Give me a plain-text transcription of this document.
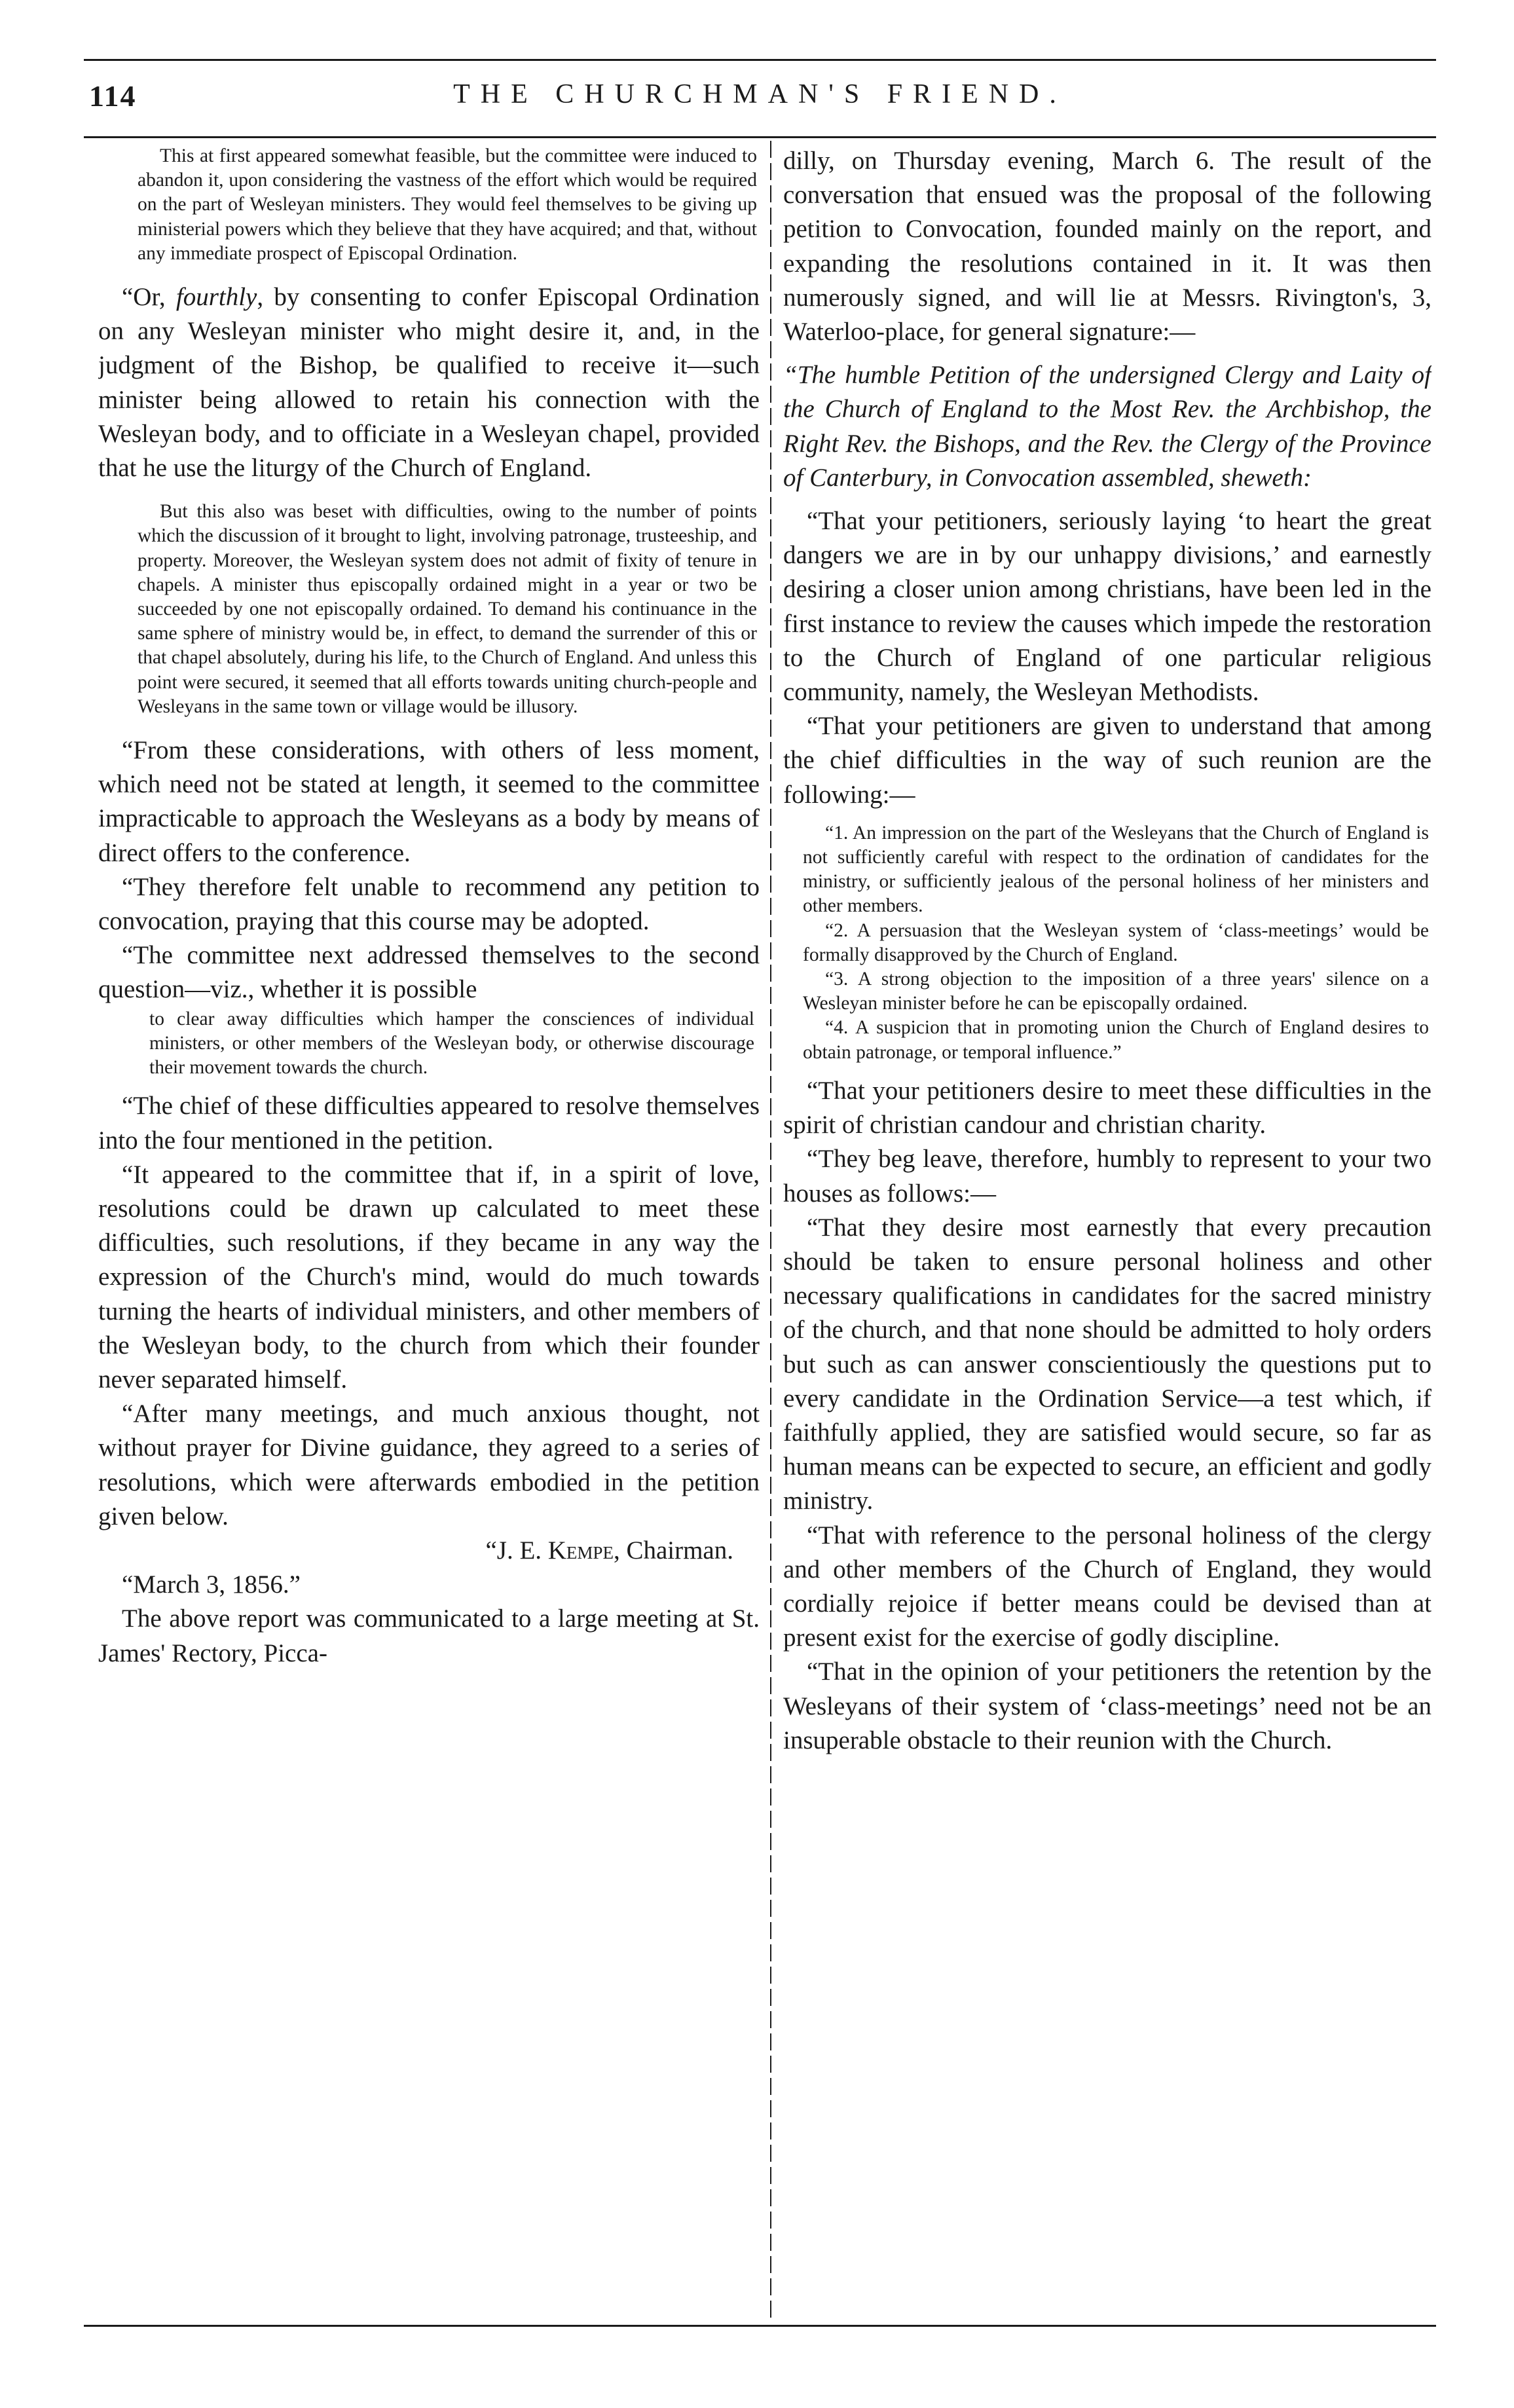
114	THE CHURCHMAN'S FRIEND.

This at first appeared somewhat feasible, but the committee were induced to abandon it, upon considering the vastness of the effort which would be required on the part of Wesleyan ministers. They would feel themselves to be giving up ministerial powers which they believe that they have acquired; and that, without any immediate prospect of Episcopal Ordination.

“Or, fourthly, by consenting to confer Episcopal Ordination on any Wesleyan minister who might desire it, and, in the judgment of the Bishop, be qualified to receive it—such minister being allowed to retain his connection with the Wesleyan body, and to officiate in a Wesleyan chapel, provided that he use the liturgy of the Church of England.

But this also was beset with difficulties, owing to the number of points which the discussion of it brought to light, involving patronage, trusteeship, and property. Moreover, the Wesleyan system does not admit of fixity of tenure in chapels. A minister thus episcopally ordained might in a year or two be succeeded by one not episcopally ordained. To demand his continuance in the same sphere of ministry would be, in effect, to demand the surrender of this or that chapel absolutely, during his life, to the Church of England. And unless this point were secured, it seemed that all efforts towards uniting church-people and Wesleyans in the same town or village would be illusory.

“From these considerations, with others of less moment, which need not be stated at length, it seemed to the committee impracticable to approach the Wesleyans as a body by means of direct offers to the conference.

“They therefore felt unable to recommend any petition to convocation, praying that this course may be adopted.

“The committee next addressed themselves to the second question—viz., whether it is possible

to clear away difficulties which hamper the consciences of individual ministers, or other members of the Wesleyan body, or otherwise discourage their movement towards the church.

“The chief of these difficulties appeared to resolve themselves into the four mentioned in the petition.

“It appeared to the committee that if, in a spirit of love, resolutions could be drawn up calculated to meet these difficulties, such resolutions, if they became in any way the expression of the Church's mind, would do much towards turning the hearts of individual ministers, and other members of the Wesleyan body, to the church from which their founder never separated himself.

“After many meetings, and much anxious thought, not without prayer for Divine guidance, they agreed to a series of resolutions, which were afterwards embodied in the petition given below.

“J. E. Kempe, Chairman.

“March 3, 1856.”

The above report was communicated to a large meeting at St. James' Rectory, Picca-

dilly, on Thursday evening, March 6. The result of the conversation that ensued was the proposal of the following petition to Convocation, founded mainly on the report, and expanding the resolutions contained in it. It was then numerously signed, and will lie at Messrs. Rivington's, 3, Waterloo-place, for general signature:—

“The humble Petition of the undersigned Clergy and Laity of the Church of England to the Most Rev. the Archbishop, the Right Rev. the Bishops, and the Rev. the Clergy of the Province of Canterbury, in Convocation assembled, sheweth:

“That your petitioners, seriously laying ‘to heart the great dangers we are in by our unhappy divisions,’ and earnestly desiring a closer union among christians, have been led in the first instance to review the causes which impede the restoration to the Church of England of one particular religious community, namely, the Wesleyan Methodists.

“That your petitioners are given to understand that among the chief difficulties in the way of such reunion are the following:—

“1. An impression on the part of the Wesleyans that the Church of England is not sufficiently careful with respect to the ordination of candidates for the ministry, or sufficiently jealous of the personal holiness of her ministers and other members.

“2. A persuasion that the Wesleyan system of ‘class-meetings’ would be formally disapproved by the Church of England.

“3. A strong objection to the imposition of a three years' silence on a Wesleyan minister before he can be episcopally ordained.

“4. A suspicion that in promoting union the Church of England desires to obtain patronage, or temporal influence.”

“That your petitioners desire to meet these difficulties in the spirit of christian candour and christian charity.

“They beg leave, therefore, humbly to represent to your two houses as follows:—

“That they desire most earnestly that every precaution should be taken to ensure personal holiness and other necessary qualifications in candidates for the sacred ministry of the church, and that none should be admitted to holy orders but such as can answer conscientiously the questions put to every candidate in the Ordination Service—a test which, if faithfully applied, they are satisfied would secure, so far as human means can be expected to secure, an efficient and godly ministry.

“That with reference to the personal holiness of the clergy and other members of the Church of England, they would cordially rejoice if better means could be devised than at present exist for the exercise of godly discipline.

“That in the opinion of your petitioners the retention by the Wesleyans of their system of ‘class-meetings’ need not be an insuperable obstacle to their reunion with the Church.
